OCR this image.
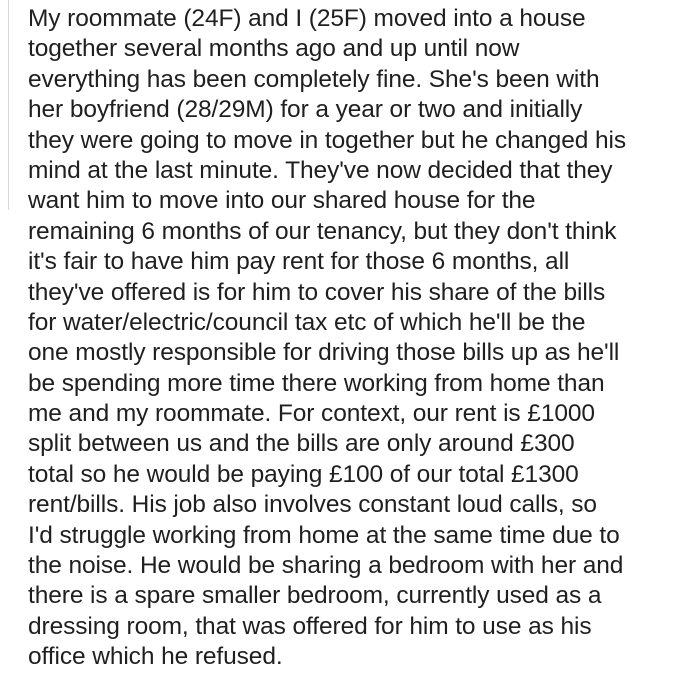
My roommate (24F) and I (25F) moved into a house
together several months ago and up until now
everything has been completely fine. She's been with
her boyfriend (28/29M) for a year or two and initially
they were going to move in together but he changed his
mind at the last minute. They've now decided that they
want him to move into our shared house for the
remaining 6 months of our tenancy, but they don't think
it's fair to have him pay rent for those 6 months, all
they've offered is for him to cover his share of the bills
for water/electric/council tax etc of which he'll be the
one mostly responsible for driving those bills up as he'll
be spending more time there working from home than
me and my roommate. For context, our rent is £1000
split between us and the bills are only around £300
total so he would be paying £100 of our total £1300
rent/bills. His job also involves constant loud calls, so
I'd struggle working from home at the same time due to
the noise. He would be sharing a bedroom with her and
there is a spare smaller bedroom, currently used as a
dressing room, that was offered for him to use as his
office which he refused.
